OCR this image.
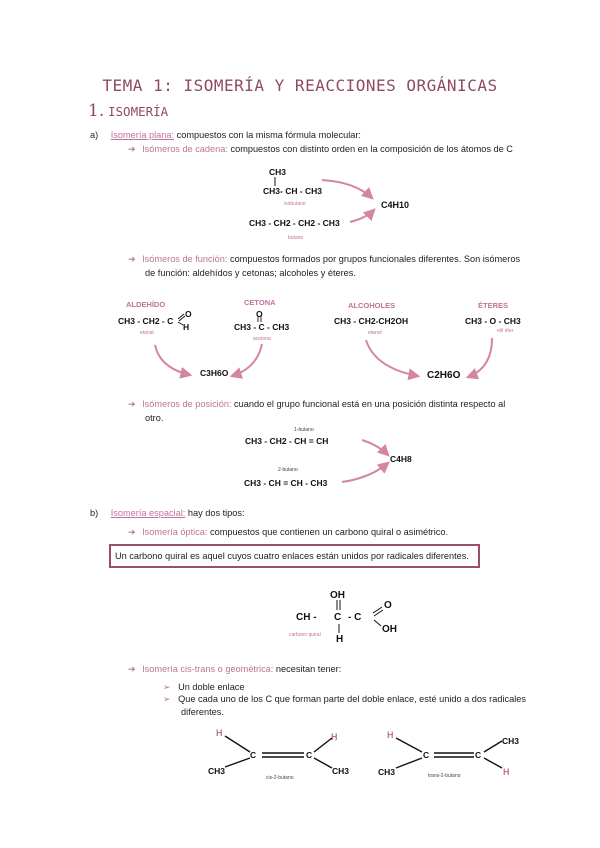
TEMA 1: ISOMERÍA Y REACCIONES ORGÁNICAS
1. ISOMERÍA
a) Isomería plana: compuestos con la misma fórmula molecular:
➔ Isómeros de cadena: compuestos con distinto orden en la composición de los átomos de C
CH3
CH3- CH - CH3
isobutano
CH3 - CH2 - CH2 - CH3
butano
C4H10
➔ Isómeros de función: compuestos formados por grupos funcionales diferentes. Son isómeros
de función: aldehídos y cetonas; alcoholes y éteres.
ALDEHÍDO
CH3 - CH2 - C
O
H
etanal
CETONA
O
CH3 - C - CH3
acetona
ALCOHOLES
CH3 - CH2-CH2OH
etanol
ÉTERES
CH3 - O - CH3
etil éter
C3H6O	C2H6O
➔ Isómeros de posición: cuando el grupo funcional está en una posición distinta respecto al
otro.
1-butano
CH3 - CH2 - CH = CH
2-butano
CH3 - CH = CH - CH3
C4H8
b) Isomería espacial: hay dos tipos:
➔ Isomería óptica: compuestos que contienen un carbono quiral o asimétrico.
Un carbono quiral es aquel cuyos cuatro enlaces están unidos por radicales diferentes.
OH
CH - C - C
O
OH
H
carbono quiral
➔ Isomería cis-trans o geométrica: necesitan tener:
➢ Un doble enlace
➢ Que cada uno de los C que forman parte del doble enlace, esté unido a dos radicales
diferentes.
H	H
C	C
CH3	CH3
cis-2-butano
H
C	C
CH3
CH3	H
trans-2-butano
